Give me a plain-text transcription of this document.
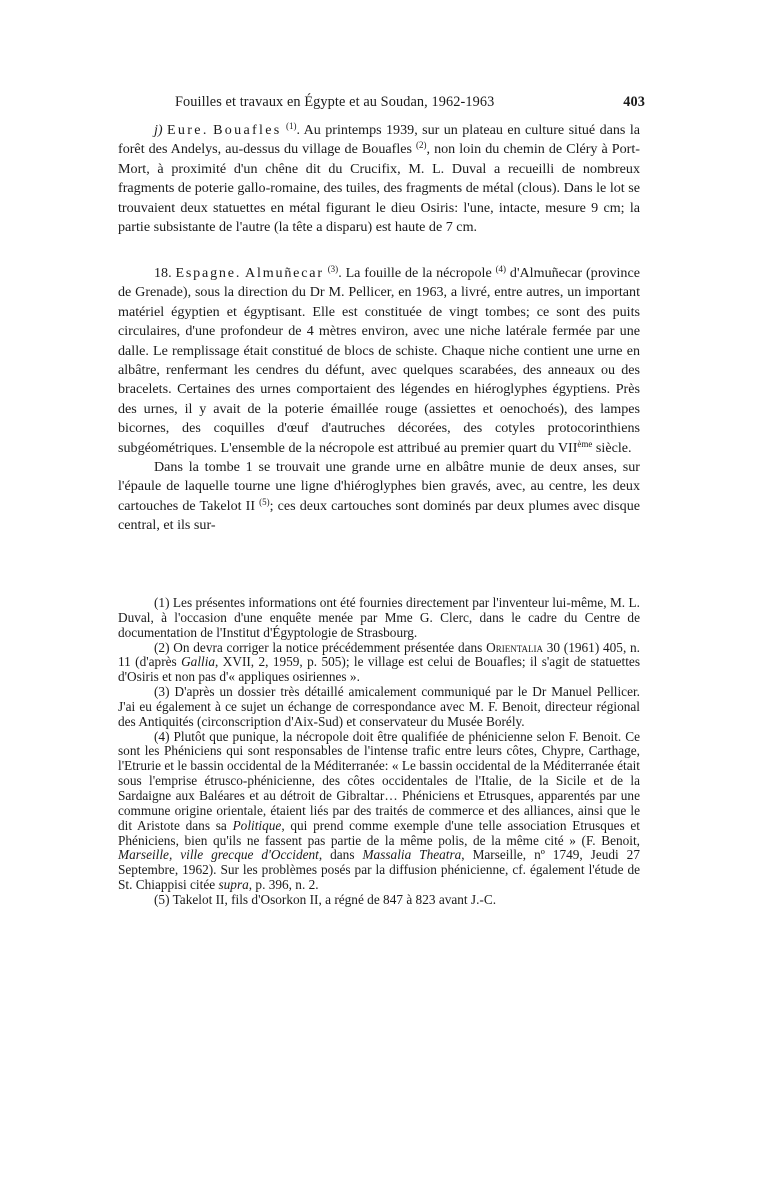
Fouilles et travaux en Égypte et au Soudan, 1962-1963	403

j) Eure. Bouafles $^{(1)}$. Au printemps 1939, sur un plateau en culture situé dans la forêt des Andelys, au-dessus du village de Bouafles $^{(2)}$, non loin du chemin de Cléry à Port-Mort, à proximité d'un chêne dit du Crucifix, M. L. Duval a recueilli de nombreux fragments de poterie gallo-romaine, des tuiles, des fragments de métal (clous). Dans le lot se trouvaient deux statuettes en métal figurant le dieu Osiris: l'une, intacte, mesure 9 cm; la partie subsistante de l'autre (la tête a disparu) est haute de 7 cm.

18. Espagne. Almuñecar $^{(3)}$. La fouille de la nécropole $^{(4)}$ d'Almuñecar (province de Grenade), sous la direction du Dr M. Pellicer, en 1963, a livré, entre autres, un important matériel égyptien et égyptisant. Elle est constituée de vingt tombes; ce sont des puits circulaires, d'une profondeur de 4 mètres environ, avec une niche latérale fermée par une dalle. Le remplissage était constitué de blocs de schiste. Chaque niche contient une urne en albâtre, renfermant les cendres du défunt, avec quelques scarabées, des anneaux ou des bracelets. Certaines des urnes comportaient des légendes en hiéroglyphes égyptiens. Près des urnes, il y avait de la poterie émaillée rouge (assiettes et oenochoés), des lampes bicornes, des coquilles d'œuf d'autruches décorées, des cotyles protocorinthiens subgéométriques. L'ensemble de la nécropole est attribué au premier quart du VIIème siècle.

Dans la tombe 1 se trouvait une grande urne en albâtre munie de deux anses, sur l'épaule de laquelle tourne une ligne d'hiéroglyphes bien gravés, avec, au centre, les deux cartouches de Takelot II $^{(5)}$; ces deux cartouches sont dominés par deux plumes avec disque central, et ils sur-

(1) Les présentes informations ont été fournies directement par l'inventeur lui-même, M. L. Duval, à l'occasion d'une enquête menée par Mme G. Clerc, dans le cadre du Centre de documentation de l'Institut d'Égyptologie de Strasbourg.

(2) On devra corriger la notice précédemment présentée dans Orientalia 30 (1961) 405, n. 11 (d'après Gallia, XVII, 2, 1959, p. 505); le village est celui de Bouafles; il s'agit de statuettes d'Osiris et non pas d'« appliques osiriennes ».

(3) D'après un dossier très détaillé amicalement communiqué par le Dr Manuel Pellicer. J'ai eu également à ce sujet un échange de correspondance avec M. F. Benoit, directeur régional des Antiquités (circonscription d'Aix-Sud) et conservateur du Musée Borély.

(4) Plutôt que punique, la nécropole doit être qualifiée de phénicienne selon F. Benoit. Ce sont les Phéniciens qui sont responsables de l'intense trafic entre leurs côtes, Chypre, Carthage, l'Etrurie et le bassin occidental de la Méditerranée: « Le bassin occidental de la Méditerranée était sous l'emprise étrusco-phénicienne, des côtes occidentales de l'Italie, de la Sicile et de la Sardaigne aux Baléares et au détroit de Gibraltar… Phéniciens et Etrusques, apparentés par une commune origine orientale, étaient liés par des traités de commerce et des alliances, ainsi que le dit Aristote dans sa Politique, qui prend comme exemple d'une telle association Etrusques et Phéniciens, bien qu'ils ne fassent pas partie de la même polis, de la même cité » (F. Benoit, Marseille, ville grecque d'Occident, dans Massalia Theatra, Marseille, nº 1749, Jeudi 27 Septembre, 1962). Sur les problèmes posés par la diffusion phénicienne, cf. également l'étude de St. Chiappisi citée supra, p. 396, n. 2.

(5) Takelot II, fils d'Osorkon II, a régné de 847 à 823 avant J.-C.
